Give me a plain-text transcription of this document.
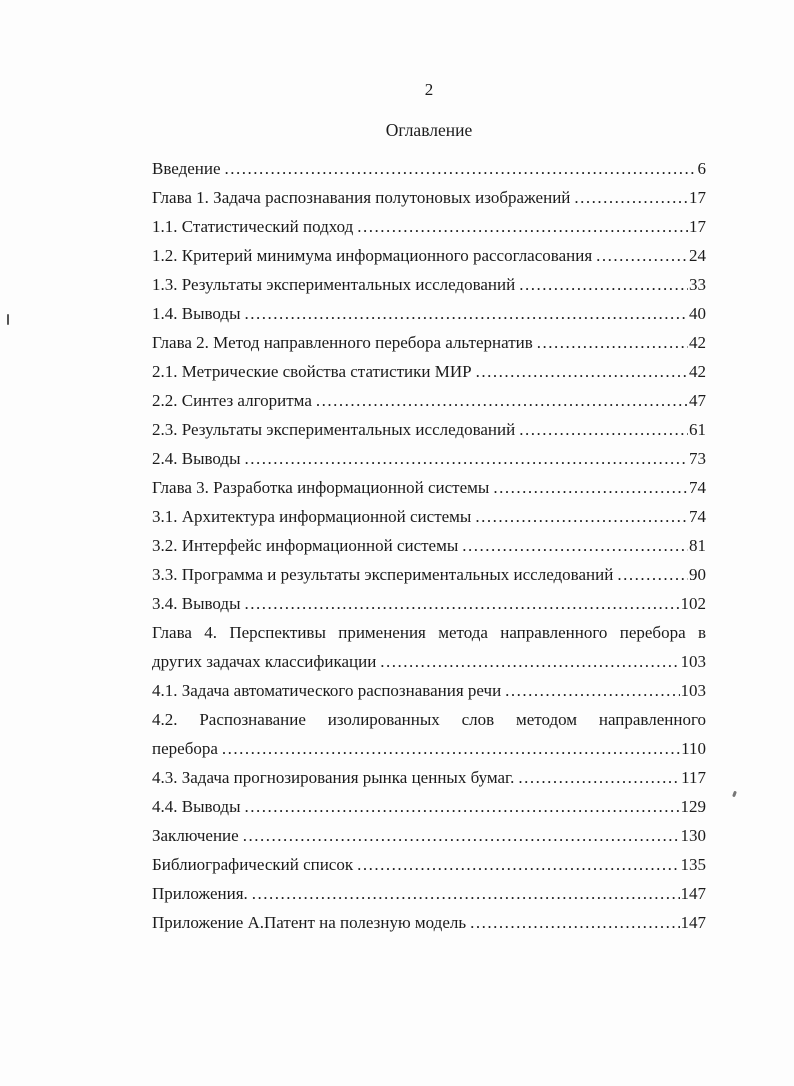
2
Оглавление
Введение .....	6
Глава 1. Задача распознавания полутоновых изображений .....	17
1.1. Статистический подход .....	17
1.2. Критерий минимума информационного рассогласования .....	24
1.3. Результаты экспериментальных исследований .....	33
1.4. Выводы .....	40
Глава 2. Метод направленного перебора альтернатив .....	42
2.1. Метрические свойства статистики МИР .....	42
2.2. Синтез алгоритма .....	47
2.3. Результаты экспериментальных исследований .....	61
2.4. Выводы .....	73
Глава 3. Разработка информационной системы .....	74
3.1. Архитектура информационной системы .....	74
3.2. Интерфейс информационной системы .....	81
3.3. Программа и результаты экспериментальных исследований .....	90
3.4. Выводы .....	102
Глава 4. Перспективы применения метода направленного перебора в
других задачах классификации .....	103
4.1. Задача автоматического распознавания речи .....	103
4.2. Распознавание изолированных слов методом направленного
перебора .....	110
4.3. Задача прогнозирования рынка ценных бумаг. .....	117
4.4. Выводы .....	129
Заключение .....	130
Библиографический список .....	135
Приложения. .....	147
Приложение А.Патент на полезную модель .....	147
